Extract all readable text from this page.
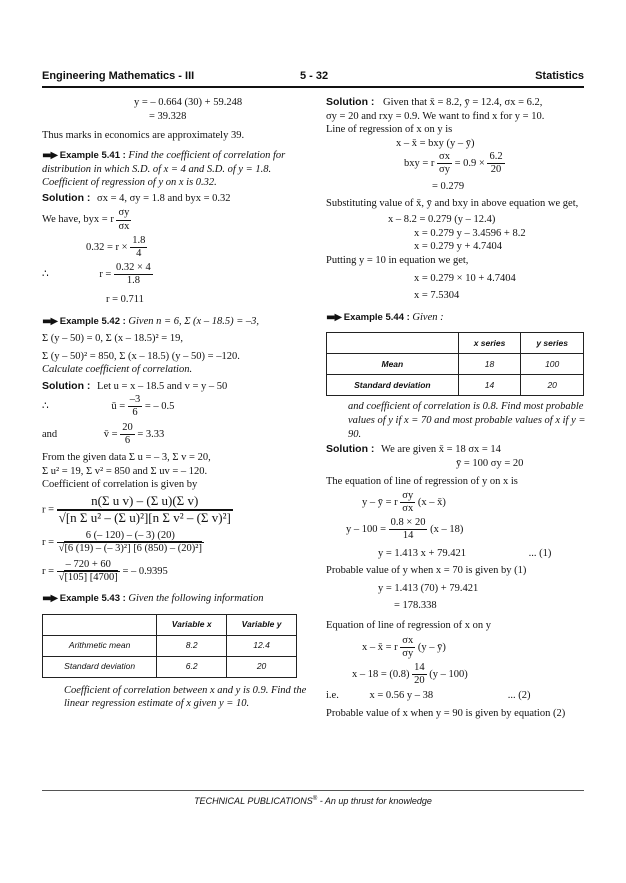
Engineering Mathematics - III	5 - 32	Statistics

y = – 0.664 (30) + 59.248

= 39.328

Thus marks in economics are approximately 39.

▬▶ Example 5.41 : Find the coefficient of correlation for distribution in which S.D. of x = 4 and S.D. of y = 1.8. Coefficient of regression of y on x is 0.32.

Solution : σx = 4, σy = 1.8 and byx = 0.32

We have, byx = r $\frac{\sigma y}{\sigma x}$

$0.32 = r \times \frac{1.8}{4}$

∴	$r = \frac{0.32 \times 4}{1.8}$

r = 0.711

▬▶ Example 5.42 : Given n = 6, Σ (x – 18.5) = –3,

Σ (y – 50) = 0, Σ (x – 18.5)² = 19,

Σ (y – 50)² = 850, Σ (x – 18.5) (y – 50) = –120.

Calculate coefficient of correlation.

Solution : Let u = x – 18.5 and v = y – 50

∴	ū = $\frac{-3}{6}$ = – 0.5

and	v̄ = $\frac{20}{6} = 3.33$

From the given data Σ u = – 3, Σ v = 20,

Σ u² = 19, Σ v² = 850 and Σ uv = – 120.

Coefficient of correlation is given by

$r = \frac{\text{n(Σ u v) – (Σ u)(Σ v)}}{\text{√[n Σ u² – (Σ u)²][n Σ v² – (Σ v)²]}}$

$r = \frac{6 (- 120) - (- 3) (20)}{\text{√[6 (19) – (– 3)²] [6 (850) – (20)²]}}$

$r = \frac{- 720 + 60}{√[105] [4700]}$ = – 0.9395

▬▶ Example 5.43 : Given the following information

	Variable x	Variable y
Arithmetic mean	8.2	12.4
Standard deviation	6.2	20

Coefficient of correlation between x and y is 0.9. Find the linear regression estimate of x given y = 10.

Solution : Given that x̄ = 8.2, ȳ = 12.4, σx = 6.2,

σy = 20 and rxy = 0.9. We want to find x for y = 10.

Line of regression of x on y is

x – x̄ = bxy (y – ȳ)

bxy = r $\frac{\sigma x}{\sigma y} = 0.9 \times \frac{6.2}{20}$

= 0.279

Substituting value of x̄, ȳ and bxy in above equation we get,

x – 8.2 = 0.279 (y – 12.4)

x = 0.279 y – 3.4596 + 8.2

x = 0.279 y + 4.7404

Putting y = 10 in equation we get,

x = 0.279 × 10 + 4.7404

x = 7.5304

▬▶ Example 5.44 : Given :

	x series	y series
Mean	18	100
Standard deviation	14	20

and coefficient of correlation is 0.8. Find most probable values of y if x = 70 and most probable values of x if y = 90.

Solution : We are given x̄ = 18 σx = 14

ȳ = 100 σy = 20

The equation of line of regression of y on x is

y – ȳ = r $\frac{\sigma y}{\sigma x} (x$ – x̄)

$y - 100 = \frac{0.8 \times 20}{14} (x - 18)$

y = 1.413 x + 79.421	... (1)

Probable value of y when x = 70 is given by (1)

y = 1.413 (70) + 79.421

= 178.338

Equation of line of regression of x on y

x – x̄ = r $\frac{\sigma x}{\sigma y} (y$ – ȳ)

$x - 18 = (0.8) \frac{14}{20} (y - 100)$

i.e.	x = 0.56 y – 38	... (2)

Probable value of x when y = 90 is given by equation (2)

TECHNICAL PUBLICATIONS® - An up thrust for knowledge
